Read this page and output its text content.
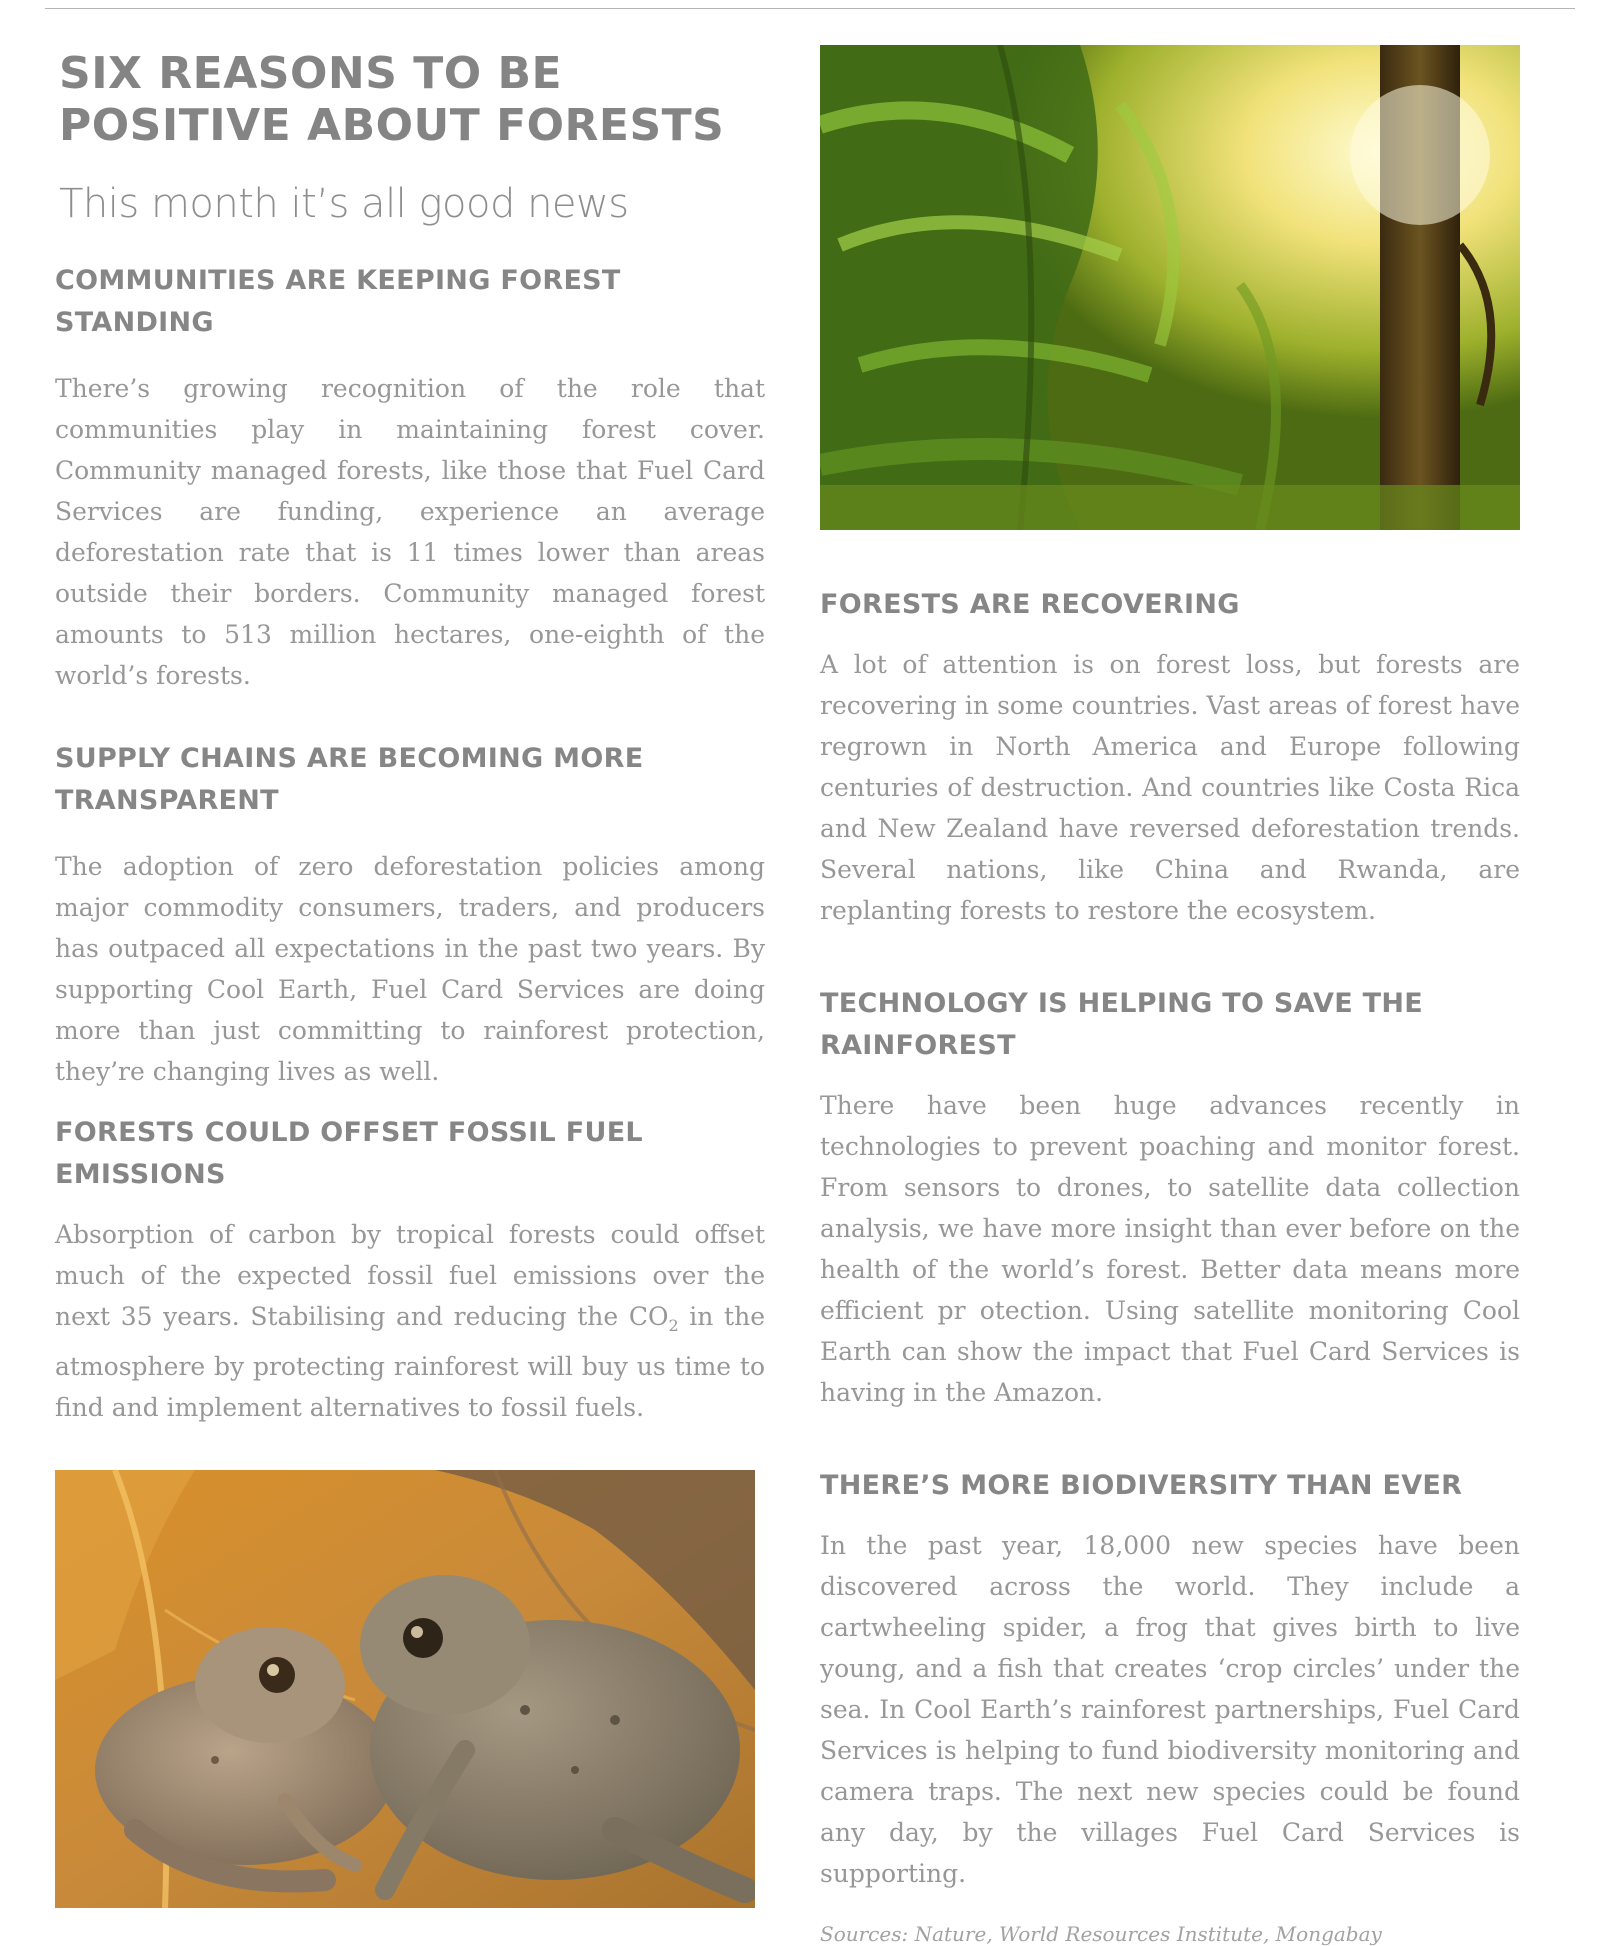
SIX REASONS TO BE POSITIVE ABOUT FORESTS
This month it’s all good news
COMMUNITIES ARE KEEPING FOREST STANDING

There’s growing recognition of the role that communities play in maintaining forest cover. Community managed forests, like those that Fuel Card Services are funding, experience an average deforestation rate that is 11 times lower than areas outside their borders. Community managed forest amounts to 513 million hectares, one-eighth of the world’s forests.

SUPPLY CHAINS ARE BECOMING MORE TRANSPARENT

The adoption of zero deforestation policies among major commodity consumers, traders, and producers has outpaced all expectations in the past two years. By supporting Cool Earth, Fuel Card Services are doing more than just committing to rainforest protection, they’re changing lives as well.

FORESTS COULD OFFSET FOSSIL FUEL EMISSIONS

Absorption of carbon by tropical forests could offset much of the expected fossil fuel emissions over the next 35 years. Stabilising and reducing the $CO_2$ in the atmosphere by protecting rainforest will buy us time to find and implement alternatives to fossil fuels.

FORESTS ARE RECOVERING

A lot of attention is on forest loss, but forests are recovering in some countries. Vast areas of forest have regrown in North America and Europe following centuries of destruction. And countries like Costa Rica and New Zealand have reversed deforestation trends. Several nations, like China and Rwanda, are replanting forests to restore the ecosystem.

TECHNOLOGY IS HELPING TO SAVE THE RAINFOREST

There have been huge advances recently in technologies to prevent poaching and monitor forest. From sensors to drones, to satellite data collection analysis, we have more insight than ever before on the health of the world’s forest. Better data means more efficient pr otection. Using satellite monitoring Cool Earth can show the impact that Fuel Card Services is having in the Amazon.

THERE’S MORE BIODIVERSITY THAN EVER

In the past year, 18,000 new species have been discovered across the world. They include a cartwheeling spider, a frog that gives birth to live young, and a fish that creates ‘crop circles’ under the sea. In Cool Earth’s rainforest partnerships, Fuel Card Services is helping to fund biodiversity monitoring and camera traps. The next new species could be found any day, by the villages Fuel Card Services is supporting.

Sources: Nature, World Resources Institute, Mongabay
